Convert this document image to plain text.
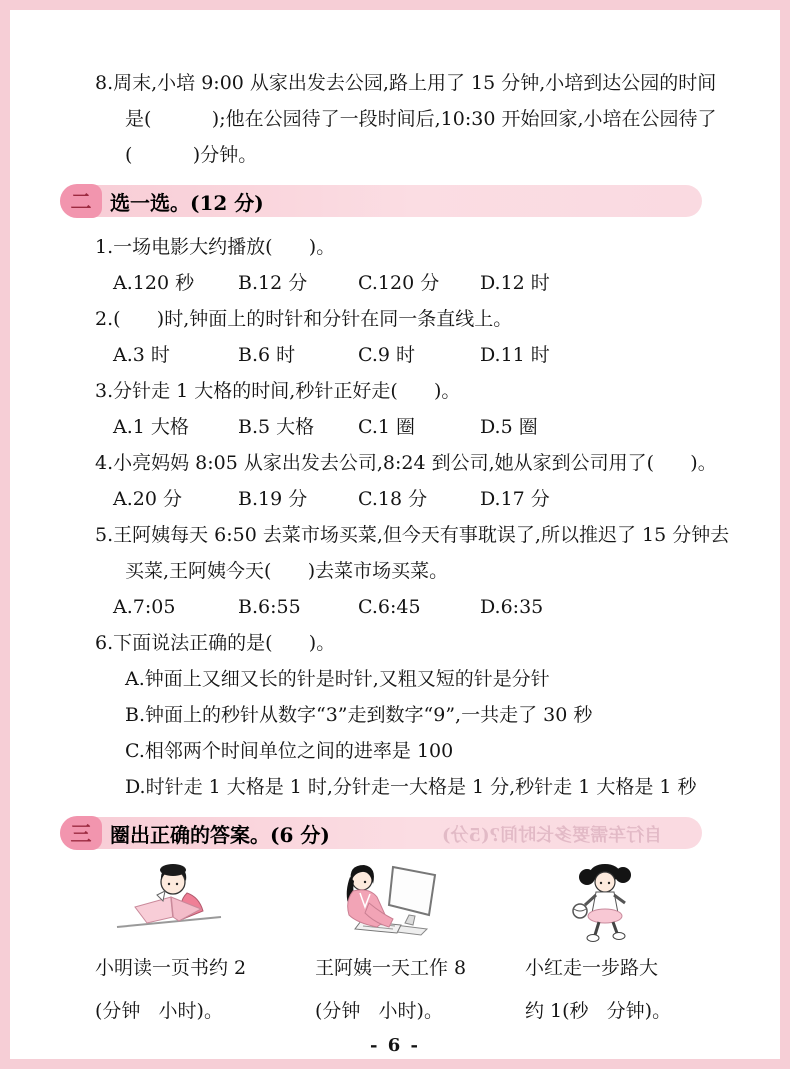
8.周末,小培 9:00 从家出发去公园,路上用了 15 分钟,小培到达公园的时间
是(          );他在公园待了一段时间后,10:30 开始回家,小培在公园待了
(          )分钟。
二 选一选。(12 分)
1.一场电影大约播放(      )。
A.120 秒	B.12 分	C.120 分	D.12 时
2.(      )时,钟面上的时针和分针在同一条直线上。
A.3 时	B.6 时	C.9 时	D.11 时
3.分针走 1 大格的时间,秒针正好走(      )。
A.1 大格	B.5 大格	C.1 圈	D.5 圈
4.小亮妈妈 8:05 从家出发去公司,8:24 到公司,她从家到公司用了(      )。
A.20 分	B.19 分	C.18 分	D.17 分
5.王阿姨每天 6:50 去菜市场买菜,但今天有事耽误了,所以推迟了 15 分钟去
买菜,王阿姨今天(      )去菜市场买菜。
A.7:05	B.6:55	C.6:45	D.6:35
6.下面说法正确的是(      )。
A.钟面上又细又长的针是时针,又粗又短的针是分针
B.钟面上的秒针从数字“3”走到数字“9”,一共走了 30 秒
C.相邻两个时间单位之间的进率是 100
D.时针走 1 大格是 1 时,分针走一大格是 1 分,秒针走 1 大格是 1 秒
三 圈出正确的答案。(6 分)	自行车需要多长时间?(5分)
小明读一页书约 2
(分钟   小时)。
王阿姨一天工作 8
(分钟   小时)。
小红走一步路大
约 1(秒   分钟)。
- 6 -
